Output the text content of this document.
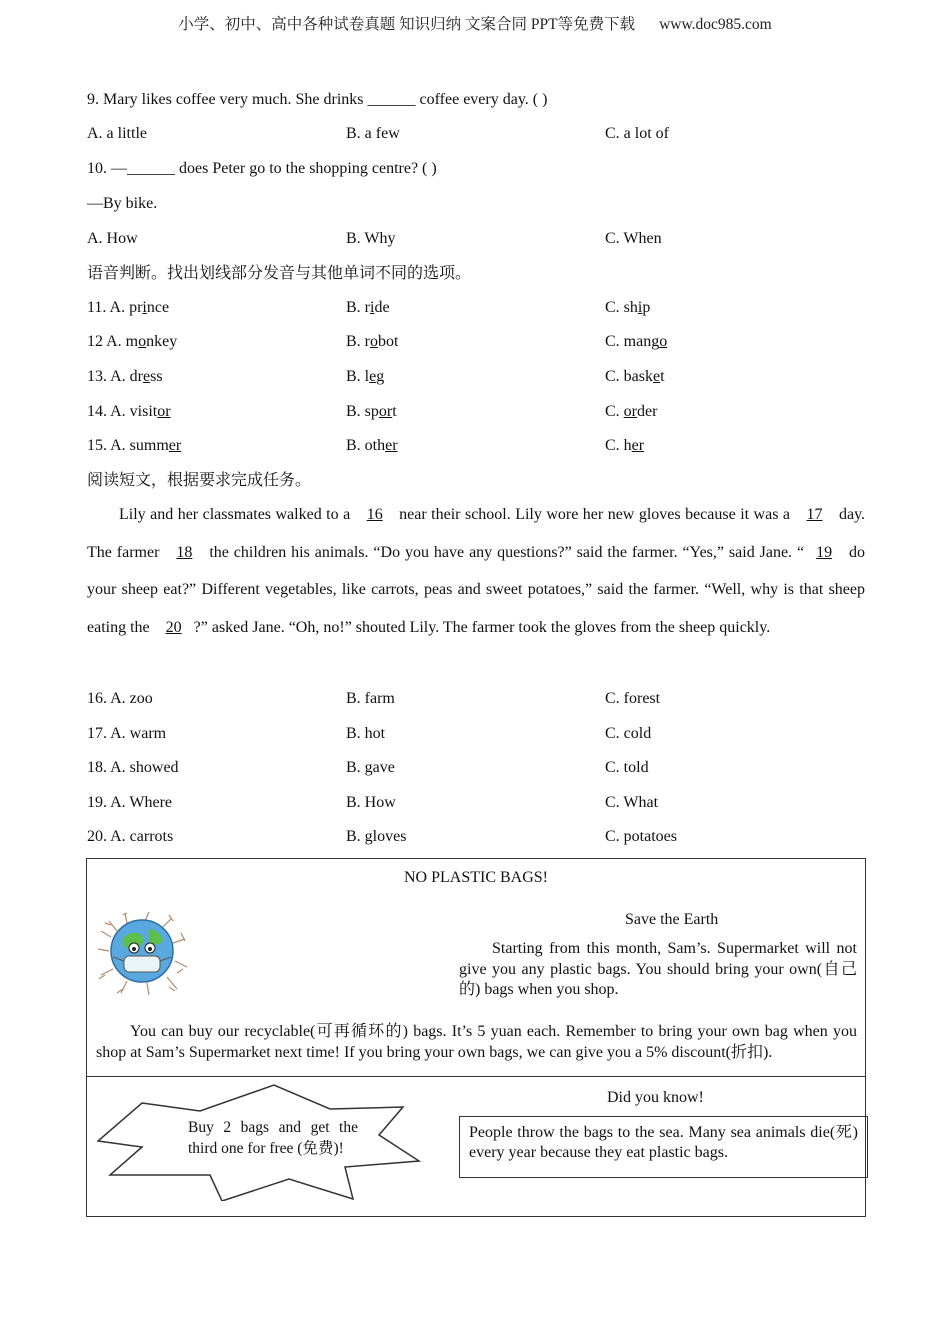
小学、初中、高中各种试卷真题 知识归纳 文案合同 PPT等免费下载 www.doc985.com
9. Mary likes coffee very much. She drinks ______ coffee every day. ( )
A. a little	B. a few	C. a lot of
10. —______ does Peter go to the shopping centre? ( )
—By bike.
A. How	B. Why	C. When
语音判断。找出划线部分发音与其他单词不同的选项。
11. A. prince	B. ride	C. ship
12 A. monkey	B. robot	C. mango
13. A. dress	B. leg	C. basket
14. A. visitor	B. sport	C. order
15. A. summer	B. other	C. her
阅读短文，根据要求完成任务。
Lily and her classmates walked to a 16 near their school. Lily wore her new gloves because it was a 17 day. The farmer 18 the children his animals. “Do you have any questions?” said the farmer. “Yes,” said Jane. “ 19 do your sheep eat?” Different vegetables, like carrots, peas and sweet potatoes,” said the farmer. “Well, why is that sheep eating the 20 ?” asked Jane. “Oh, no!” shouted Lily. The farmer took the gloves from the sheep quickly.
16. A. zoo	B. farm	C. forest
17. A. warm	B. hot	C. cold
18. A. showed	B. gave	C. told
19. A. Where	B. How	C. What
20. A. carrots	B. gloves	C. potatoes
NO PLASTIC BAGS!
Save the Earth
Starting from this month, Sam’s. Supermarket will not give you any plastic bags. You should bring your own(自己的) bags when you shop.
You can buy our recyclable(可再循环的) bags. It’s 5 yuan each. Remember to bring your own bag when you shop at Sam’s Supermarket next time! If you bring your own bags, we can give you a 5% discount(折扣).
Buy 2 bags and get the third one for free (免费)!
Did you know!
People throw the bags to the sea. Many sea animals die(死) every year because they eat plastic bags.
